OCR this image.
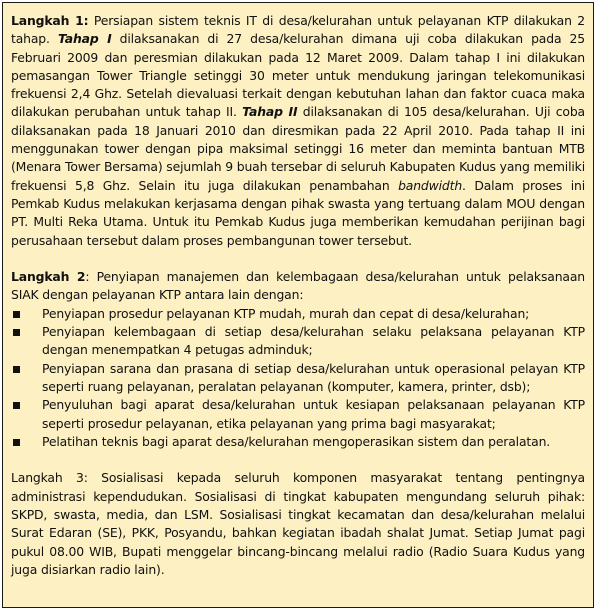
Langkah 1: Persiapan sistem teknis IT di desa/kelurahan untuk pelayanan KTP dilakukan 2 tahap. Tahap I dilaksanakan di 27 desa/kelurahan dimana uji coba dilakukan pada 25 Februari 2009 dan peresmian dilakukan pada 12 Maret 2009. Dalam tahap I ini dilakukan pemasangan Tower Triangle setinggi 30 meter untuk mendukung jaringan telekomunikasi frekuensi 2,4 Ghz. Setelah dievaluasi terkait dengan kebutuhan lahan dan faktor cuaca maka dilakukan perubahan untuk tahap II. Tahap II dilaksanakan di 105 desa/kelurahan. Uji coba dilaksanakan pada 18 Januari 2010 dan diresmikan pada 22 April 2010. Pada tahap II ini menggunakan tower dengan pipa maksimal setinggi 16 meter dan meminta bantuan MTB (Menara Tower Bersama) sejumlah 9 buah tersebar di seluruh Kabupaten Kudus yang memiliki frekuensi 5,8 Ghz. Selain itu juga dilakukan penambahan bandwidth. Dalam proses ini Pemkab Kudus melakukan kerjasama dengan pihak swasta yang tertuang dalam MOU dengan PT. Multi Reka Utama. Untuk itu Pemkab Kudus juga memberikan kemudahan perijinan bagi perusahaan tersebut dalam proses pembangunan tower tersebut.

Langkah 2: Penyiapan manajemen dan kelembagaan desa/kelurahan untuk pelaksanaan SIAK dengan pelayanan KTP antara lain dengan:

Penyiapan prosedur pelayanan KTP mudah, murah dan cepat di desa/kelurahan;
Penyiapan kelembagaan di setiap desa/kelurahan selaku pelaksana pelayanan KTP dengan menempatkan 4 petugas adminduk;
Penyiapan sarana dan prasana di setiap desa/kelurahan untuk operasional pelayan KTP seperti ruang pelayanan, peralatan pelayanan (komputer, kamera, printer, dsb);
Penyuluhan bagi aparat desa/kelurahan untuk kesiapan pelaksanaan pelayanan KTP seperti prosedur pelayanan, etika pelayanan yang prima bagi masyarakat;
Pelatihan teknis bagi aparat desa/kelurahan mengoperasikan sistem dan peralatan.

Langkah 3: Sosialisasi kepada seluruh komponen masyarakat tentang pentingnya administrasi kependudukan. Sosialisasi di tingkat kabupaten mengundang seluruh pihak: SKPD, swasta, media, dan LSM. Sosialisasi tingkat kecamatan dan desa/kelurahan melalui Surat Edaran (SE), PKK, Posyandu, bahkan kegiatan ibadah shalat Jumat. Setiap Jumat pagi pukul 08.00 WIB, Bupati menggelar bincang-bincang melalui radio (Radio Suara Kudus yang juga disiarkan radio lain).
